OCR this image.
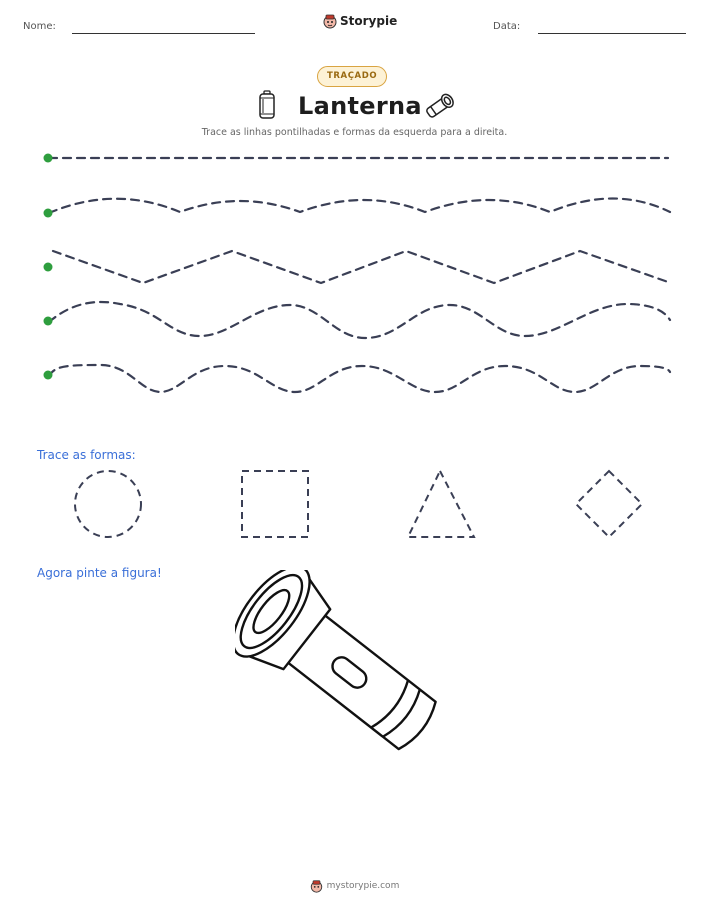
Nome:	Storypie	Data:
TRAÇADO
Lanterna
Trace as linhas pontilhadas e formas da esquerda para a direita.
Trace as formas:
Agora pinte a figura!
mystorypie.com
